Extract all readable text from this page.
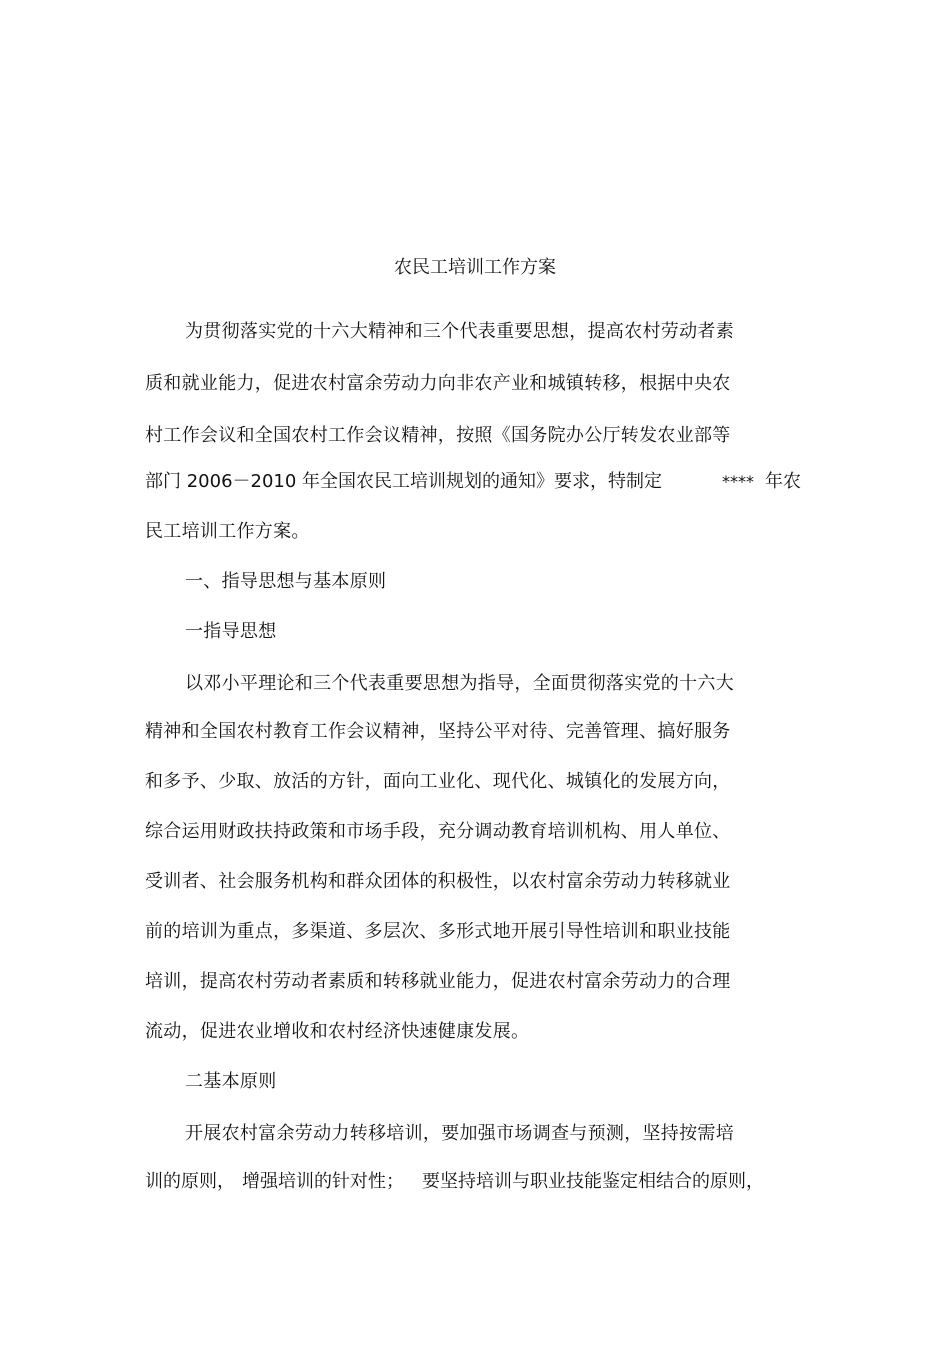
农民工培训工作方案
为贯彻落实党的十六大精神和三个代表重要思想，提高农村劳动者素
质和就业能力，促进农村富余劳动力向非农产业和城镇转移，根据中央农
村工作会议和全国农村工作会议精神，按照《国务院办公厅转发农业部等
部门 2006－2010 年全国农民工培训规划的通知》要求，特制定	**** 年农
民工培训工作方案。
一、指导思想与基本原则
一指导思想
以邓小平理论和三个代表重要思想为指导，全面贯彻落实党的十六大
精神和全国农村教育工作会议精神，坚持公平对待、完善管理、搞好服务
和多予、少取、放活的方针，面向工业化、现代化、城镇化的发展方向，
综合运用财政扶持政策和市场手段，充分调动教育培训机构、用人单位、
受训者、社会服务机构和群众团体的积极性，以农村富余劳动力转移就业
前的培训为重点，多渠道、多层次、多形式地开展引导性培训和职业技能
培训，提高农村劳动者素质和转移就业能力，促进农村富余劳动力的合理
流动，促进农业增收和农村经济快速健康发展。
二基本原则
开展农村富余劳动力转移培训，要加强市场调查与预测，坚持按需培
训的原则， 增强培训的针对性； 要坚持培训与职业技能鉴定相结合的原则，
